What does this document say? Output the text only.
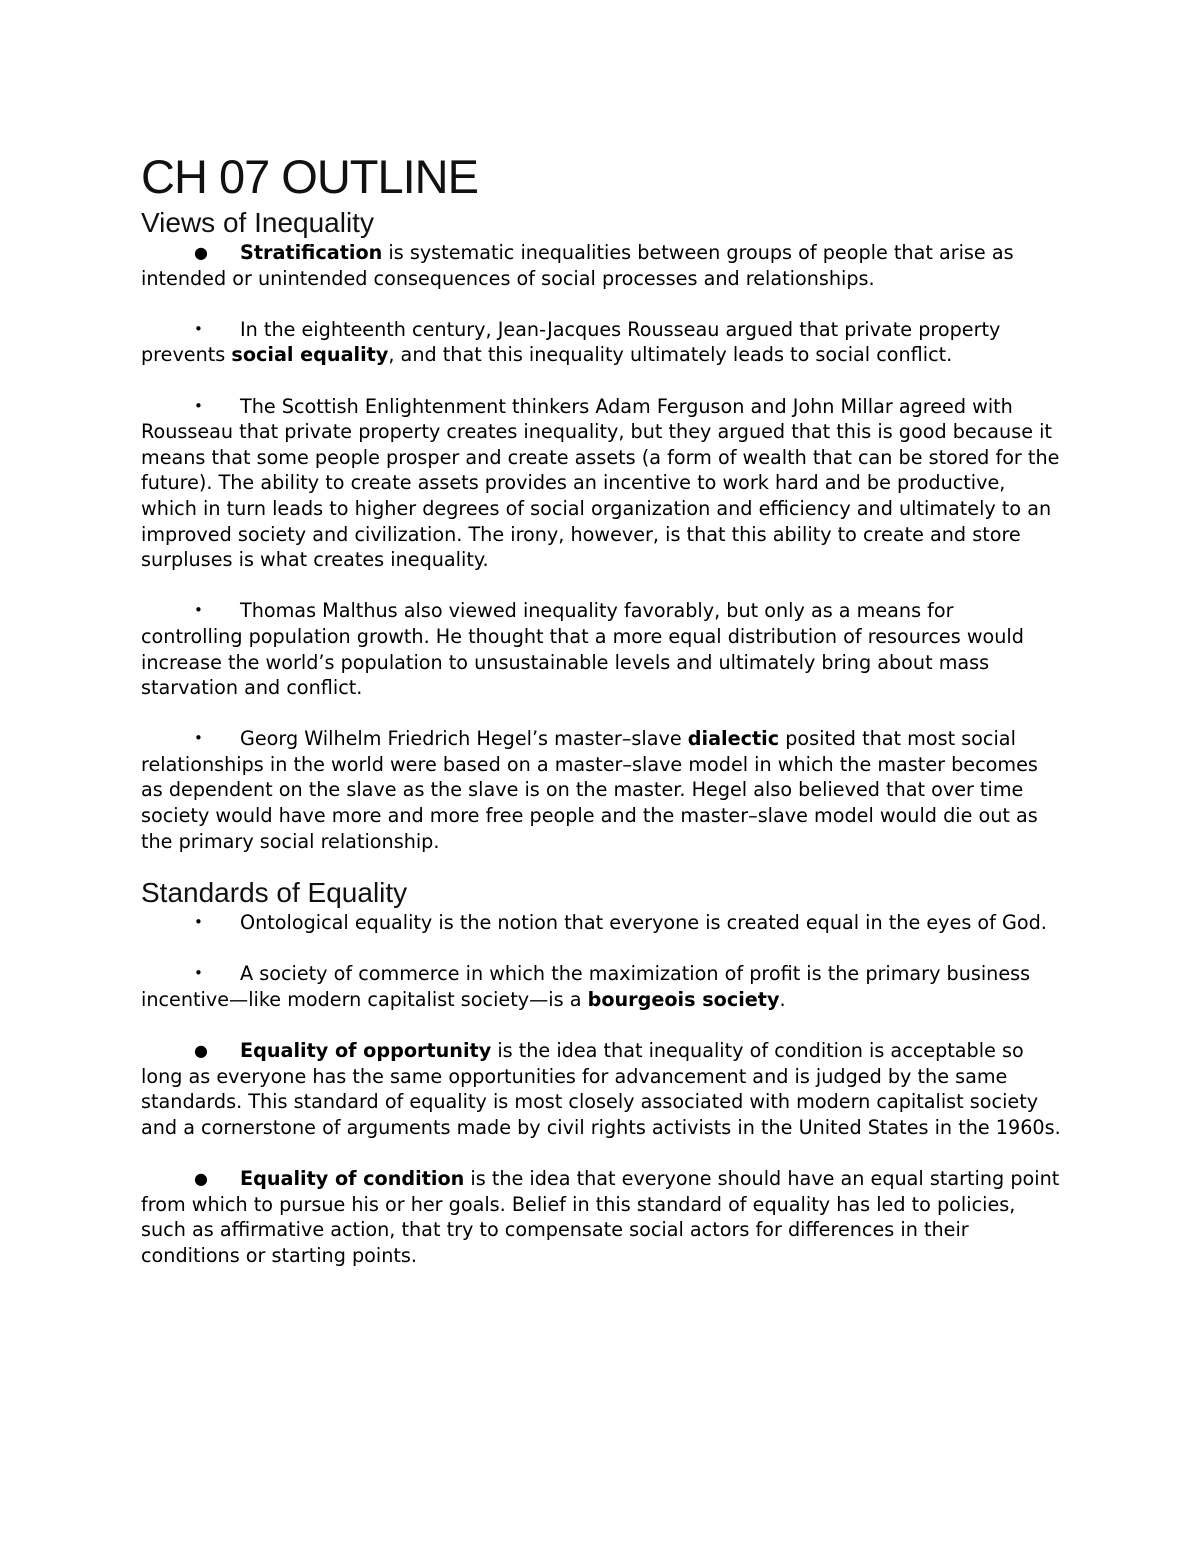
CH 07 OUTLINE
Views of Inequality
● Stratification is systematic inequalities between groups of people that arise as intended or unintended consequences of social processes and relationships.
• In the eighteenth century, Jean-Jacques Rousseau argued that private property prevents social equality, and that this inequality ultimately leads to social conflict.
• The Scottish Enlightenment thinkers Adam Ferguson and John Millar agreed with Rousseau that private property creates inequality, but they argued that this is good because it means that some people prosper and create assets (a form of wealth that can be stored for the future). The ability to create assets provides an incentive to work hard and be productive, which in turn leads to higher degrees of social organization and efficiency and ultimately to an improved society and civilization. The irony, however, is that this ability to create and store surpluses is what creates inequality.
• Thomas Malthus also viewed inequality favorably, but only as a means for controlling population growth. He thought that a more equal distribution of resources would increase the world’s population to unsustainable levels and ultimately bring about mass starvation and conflict.
• Georg Wilhelm Friedrich Hegel’s master–slave dialectic posited that most social relationships in the world were based on a master–slave model in which the master becomes as dependent on the slave as the slave is on the master. Hegel also believed that over time society would have more and more free people and the master–slave model would die out as the primary social relationship.
Standards of Equality
• Ontological equality is the notion that everyone is created equal in the eyes of God.
• A society of commerce in which the maximization of profit is the primary business incentive—like modern capitalist society—is a bourgeois society.
● Equality of opportunity is the idea that inequality of condition is acceptable so long as everyone has the same opportunities for advancement and is judged by the same standards. This standard of equality is most closely associated with modern capitalist society and a cornerstone of arguments made by civil rights activists in the United States in the 1960s.
● Equality of condition is the idea that everyone should have an equal starting point from which to pursue his or her goals. Belief in this standard of equality has led to policies, such as affirmative action, that try to compensate social actors for differences in their conditions or starting points.
